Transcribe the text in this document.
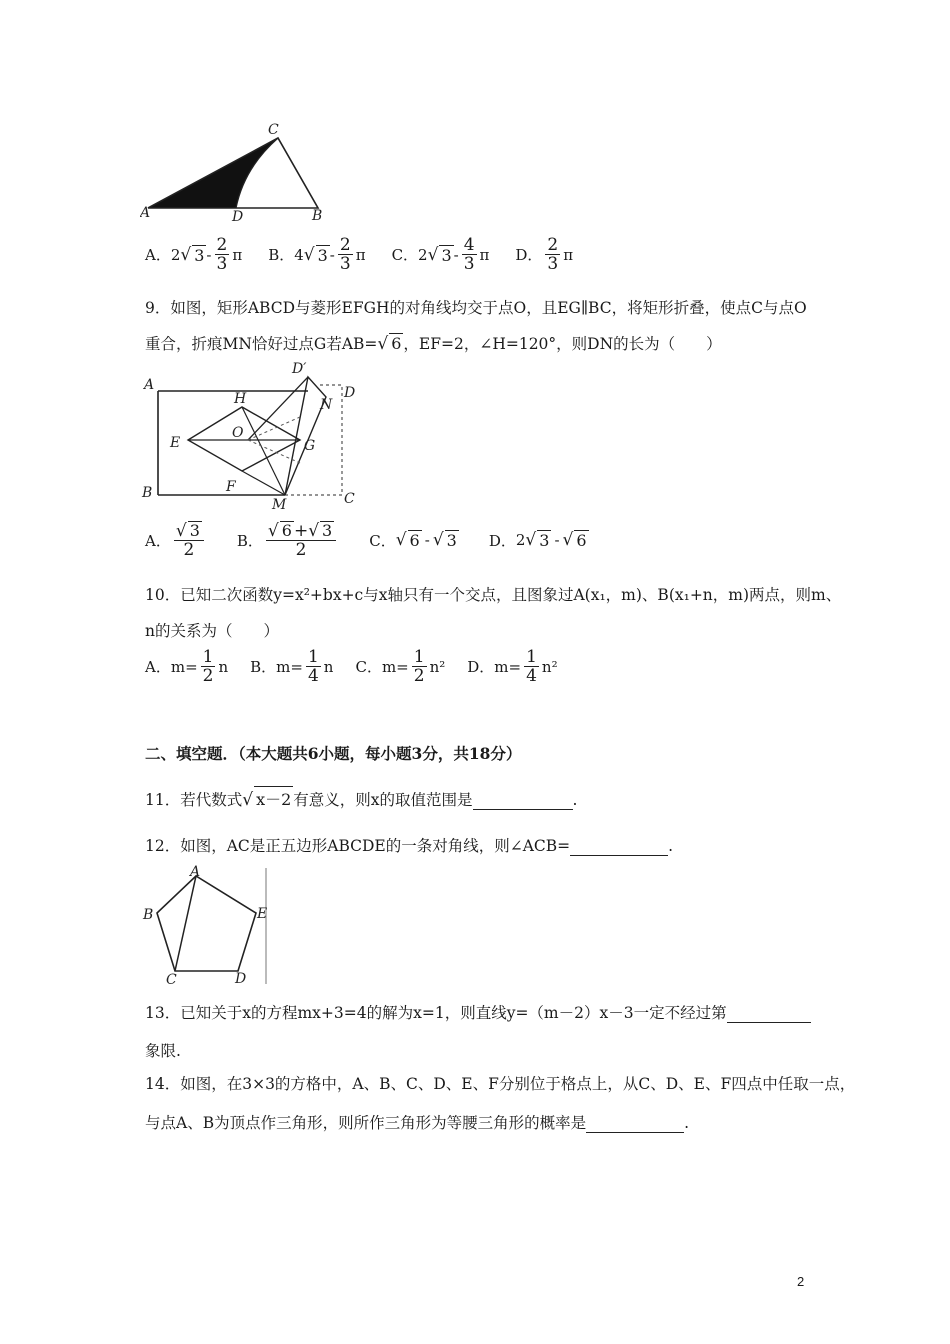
A	D	B
C
A． 2 √ $3 - \frac{2}{3}$ π B． 4 √ $3 - \frac{2}{3}$ π C． 2 √ $3 - \frac{4}{3}$ π D． $\frac{2}{3}$ π
9．如图，矩形ABCD与菱形EFGH的对角线均交于点O，且EG∥BC，将矩形折叠，使点C与点O
重合，折痕MN恰好过点G若AB=√ 6 ，EF=2，∠H=120°，则DN的长为（　　）
A
B	C
D
D′
N
H
O
E	G
F
M
A． $\frac{√ 3}{2}$ B． $\frac{√ 6 +√ 3}{2}$ C． √ 6 - √ 3 D． 2 √ 3 - √ 6
10．已知二次函数y=x²+bx+c与x轴只有一个交点，且图象过A(x₁，m)、B(x₁+n，m)两点，则m、
n的关系为（　　）
A． $m= \frac{1}{2}$ n B． $m= \frac{1}{4}$ n C． $m= \frac{1}{2} n^2$ D． $m= \frac{1}{4} n^2$
二、填空题．（本大题共6小题，每小题3分，共18分）
11．若代数式√ x－2 有意义，则x的取值范围是	.
12．如图，AC是正五边形ABCDE的一条对角线，则∠ACB=	.
A
B
C	D
E
13．已知关于x的方程mx+3=4的解为x=1，则直线y=（m－2）x－3一定不经过第
象限.
14．如图，在3×3的方格中，A、B、C、D、E、F分别位于格点上，从C、D、E、F四点中任取一点，
与点A、B为顶点作三角形，则所作三角形为等腰三角形的概率是	.
2
